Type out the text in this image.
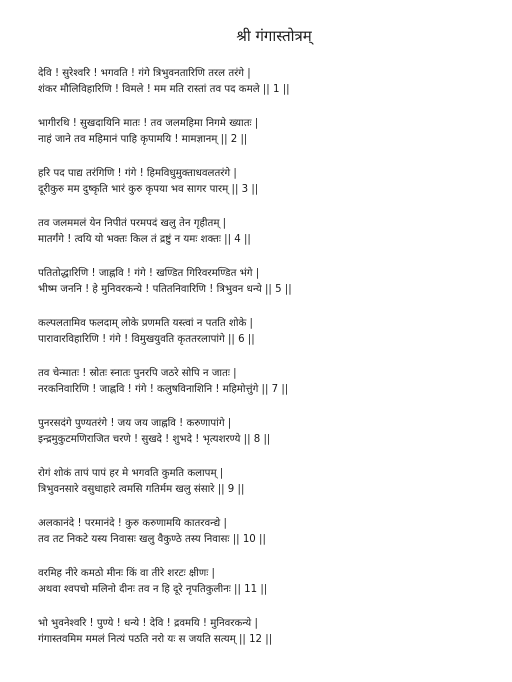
श्री गंगास्तोत्रम्
देवि ! सुरेश्वरि ! भगवति ! गंगे त्रिभुवनतारिणि तरल तरंगे |
शंकर मौलिविहारिणि ! विमले ! मम मति रास्तां तव पद कमले || 1 ||
भागीरथि ! सुखदायिनि मातः ! तव जलमहिमा निगमे ख्यातः |
नाहं जाने तव महिमानं पाहि कृपामयि ! मामज्ञानम् || 2 ||
हरि पद पाद्य तरंगिणि ! गंगे ! हिमविधुमुक्ताधवलतरंगे |
दूरीकुरु मम दुष्कृति भारं कुरु कृपया भव सागर पारम् || 3 ||
तव जलममलं येन निपीतं परमपदं खलु तेन गृहीतम् |
मातर्गंगे ! त्वयि यो भक्तः किल तं द्रष्टुं न यमः शक्तः || 4 ||
पतितोद्धारिणि ! जाह्नवि ! गंगे ! खण्डित गिरिवरमण्डित भंगे |
भीष्म जननि ! हे मुनिवरकन्ये ! पतितनिवारिणि ! त्रिभुवन धन्ये || 5 ||
कल्पलतामिव फलदाम् लोके प्रणमति यस्त्वां न पतति शोके |
पारावारविहारिणि ! गंगे ! विमुखयुवति कृततरलापांगे || 6 ||
तव चेन्मातः ! स्रोतः स्नातः पुनरपि जठरे सोपि न जातः |
नरकनिवारिणि ! जाह्नवि ! गंगे ! कलुषविनाशिनि ! महिमोत्तुंगे || 7 ||
पुनरसदंगे पुण्यतरंगे ! जय जय जाह्नवि ! करुणापांगे |
इन्द्रमुकुटमणिराजित चरणे ! सुखदे ! शुभदे ! भृत्यशरण्ये || 8 ||
रोगं शोकं तापं पापं हर मे भगवति कुमति कलापम् |
त्रिभुवनसारे वसुधाहारे त्वमसि गतिर्मम खलु संसारे || 9 ||
अलकानंदे ! परमानंदे ! कुरु करुणामयि कातरवन्द्ये |
तव तट निकटे यस्य निवासः खलु वैकुण्ठे तस्य निवासः || 10 ||
वरमिह नीरे कमठो मीनः किं वा तीरे शरटः क्षीणः |
अथवा श्वपचो मलिनो दीनः तव न हि दूरे नृपतिकुलीनः || 11 ||
भो भुवनेश्वरि ! पुण्ये ! धन्ये ! देवि ! द्रवमयि ! मुनिवरकन्ये |
गंगास्तवमिम ममलं नित्यं पठति नरो यः स जयति सत्यम् || 12 ||
